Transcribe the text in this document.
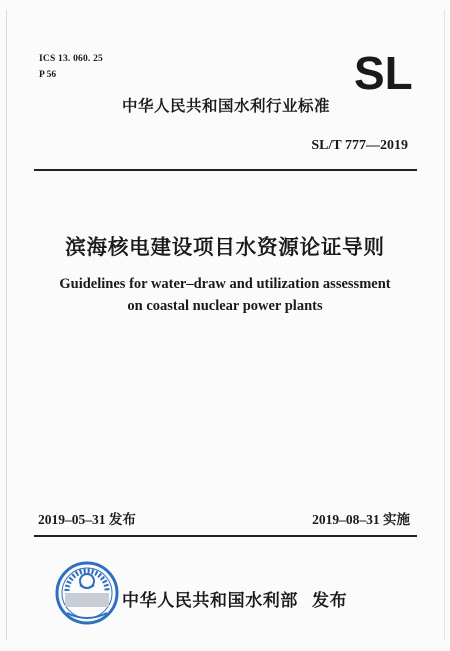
ICS 13. 060. 25
P 56	SL
中华人民共和国水利行业标准
SL/T 777—2019
滨海核电建设项目水资源论证导则
Guidelines for water–draw and utilization assessment
on coastal nuclear power plants
2019–05–31 发布	2019–08–31 实施
中华人民共和国水利部 发布
